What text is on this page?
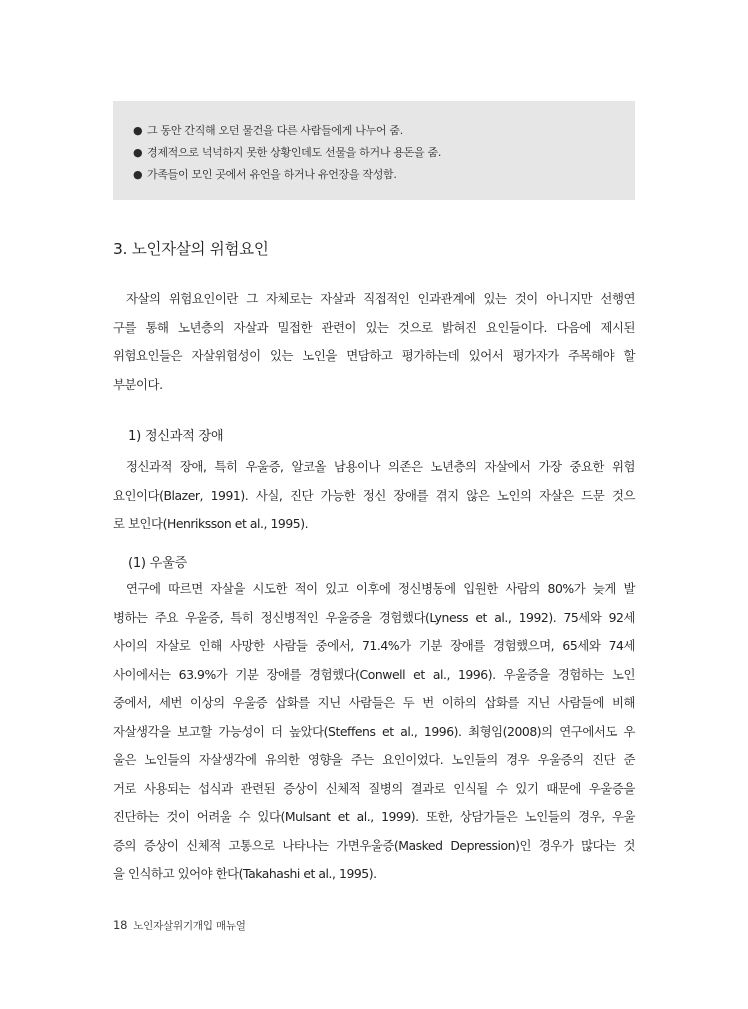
● 그 동안 간직해 오던 물건을 다른 사람들에게 나누어 줌.
● 경제적으로 넉넉하지 못한 상황인데도 선물을 하거나 용돈을 줌.
● 가족들이 모인 곳에서 유언을 하거나 유언장을 작성함.
3. 노인자살의 위험요인
자살의 위험요인이란 그 자체로는 자살과 직접적인 인과관계에 있는 것이 아니지만 선행연
구를 통해 노년층의 자살과 밀접한 관련이 있는 것으로 밝혀진 요인들이다. 다음에 제시된
위험요인들은 자살위험성이 있는 노인을 면담하고 평가하는데 있어서 평가자가 주목해야 할
부분이다.
1) 정신과적 장애
정신과적 장애, 특히 우울증, 알코올 남용이나 의존은 노년층의 자살에서 가장 중요한 위험
요인이다(Blazer, 1991). 사실, 진단 가능한 정신 장애를 겪지 않은 노인의 자살은 드문 것으
로 보인다(Henriksson et al., 1995).
(1) 우울증
연구에 따르면 자살을 시도한 적이 있고 이후에 정신병동에 입원한 사람의 80%가 늦게 발
병하는 주요 우울증, 특히 정신병적인 우울증을 경험했다(Lyness et al., 1992). 75세와 92세
사이의 자살로 인해 사망한 사람들 중에서, 71.4%가 기분 장애를 경험했으며, 65세와 74세
사이에서는 63.9%가 기분 장애를 경험했다(Conwell et al., 1996). 우울증을 경험하는 노인
중에서, 세번 이상의 우울증 삽화를 지닌 사람들은 두 번 이하의 삽화를 지닌 사람들에 비해
자살생각을 보고할 가능성이 더 높았다(Steffens et al., 1996). 최형임(2008)의 연구에서도 우
울은 노인들의 자살생각에 유의한 영향을 주는 요인이었다. 노인들의 경우 우울증의 진단 준
거로 사용되는 섭식과 관련된 증상이 신체적 질병의 결과로 인식될 수 있기 때문에 우울증을
진단하는 것이 어려울 수 있다(Mulsant et al., 1999). 또한, 상담가들은 노인들의 경우, 우울
증의 증상이 신체적 고통으로 나타나는 가면우울증(Masked Depression)인 경우가 많다는 것
을 인식하고 있어야 한다(Takahashi et al., 1995).
18 노인자살위기개입 매뉴얼
